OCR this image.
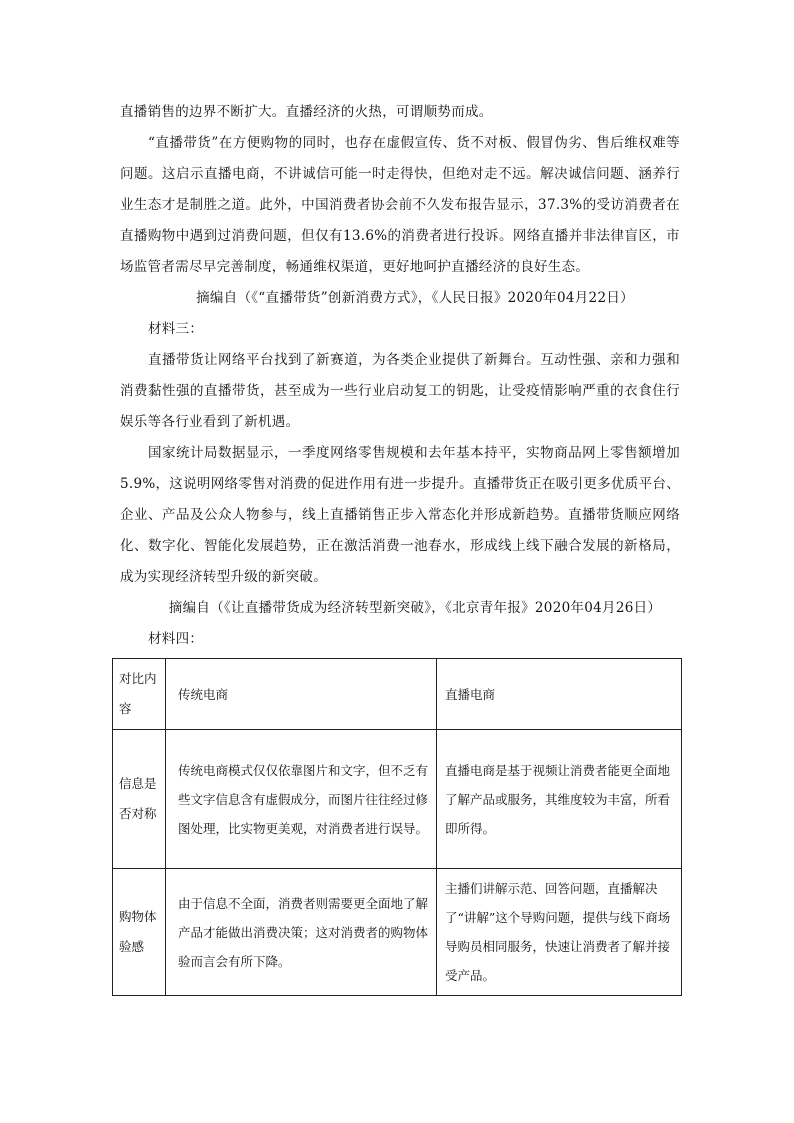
直播销售的边界不断扩大。直播经济的火热，可谓顺势而成。

“直播带货”在方便购物的同时，也存在虚假宣传、货不对板、假冒伪劣、售后维权难等问题。这启示直播电商，不讲诚信可能一时走得快，但绝对走不远。解决诚信问题、涵养行业生态才是制胜之道。此外，中国消费者协会前不久发布报告显示，37.3%的受访消费者在直播购物中遇到过消费问题，但仅有13.6%的消费者进行投诉。网络直播并非法律盲区，市场监管者需尽早完善制度，畅通维权渠道，更好地呵护直播经济的良好生态。

摘编自（《“直播带货”创新消费方式》，《人民日报》2020年04月22日）

材料三：

直播带货让网络平台找到了新赛道，为各类企业提供了新舞台。互动性强、亲和力强和消费黏性强的直播带货，甚至成为一些行业启动复工的钥匙，让受疫情影响严重的衣食住行娱乐等各行业看到了新机遇。

国家统计局数据显示，一季度网络零售规模和去年基本持平，实物商品网上零售额增加5.9%，这说明网络零售对消费的促进作用有进一步提升。直播带货正在吸引更多优质平台、企业、产品及公众人物参与，线上直播销售正步入常态化并形成新趋势。直播带货顺应网络化、数字化、智能化发展趋势，正在激活消费一池春水，形成线上线下融合发展的新格局，成为实现经济转型升级的新突破。

摘编自（《让直播带货成为经济转型新突破》，《北京青年报》2020年04月26日）

材料四：

对比内容	传统电商	直播电商
信息是否对称	传统电商模式仅仅依靠图片和文字，但不乏有些文字信息含有虚假成分，而图片往往经过修图处理，比实物更美观，对消费者进行误导。	直播电商是基于视频让消费者能更全面地了解产品或服务，其维度较为丰富，所看即所得。
购物体验感	由于信息不全面，消费者则需要更全面地了解产品才能做出消费决策；这对消费者的购物体验而言会有所下降。	主播们讲解示范、回答问题，直播解决了“讲解”这个导购问题，提供与线下商场导购员相同服务，快速让消费者了解并接受产品。
